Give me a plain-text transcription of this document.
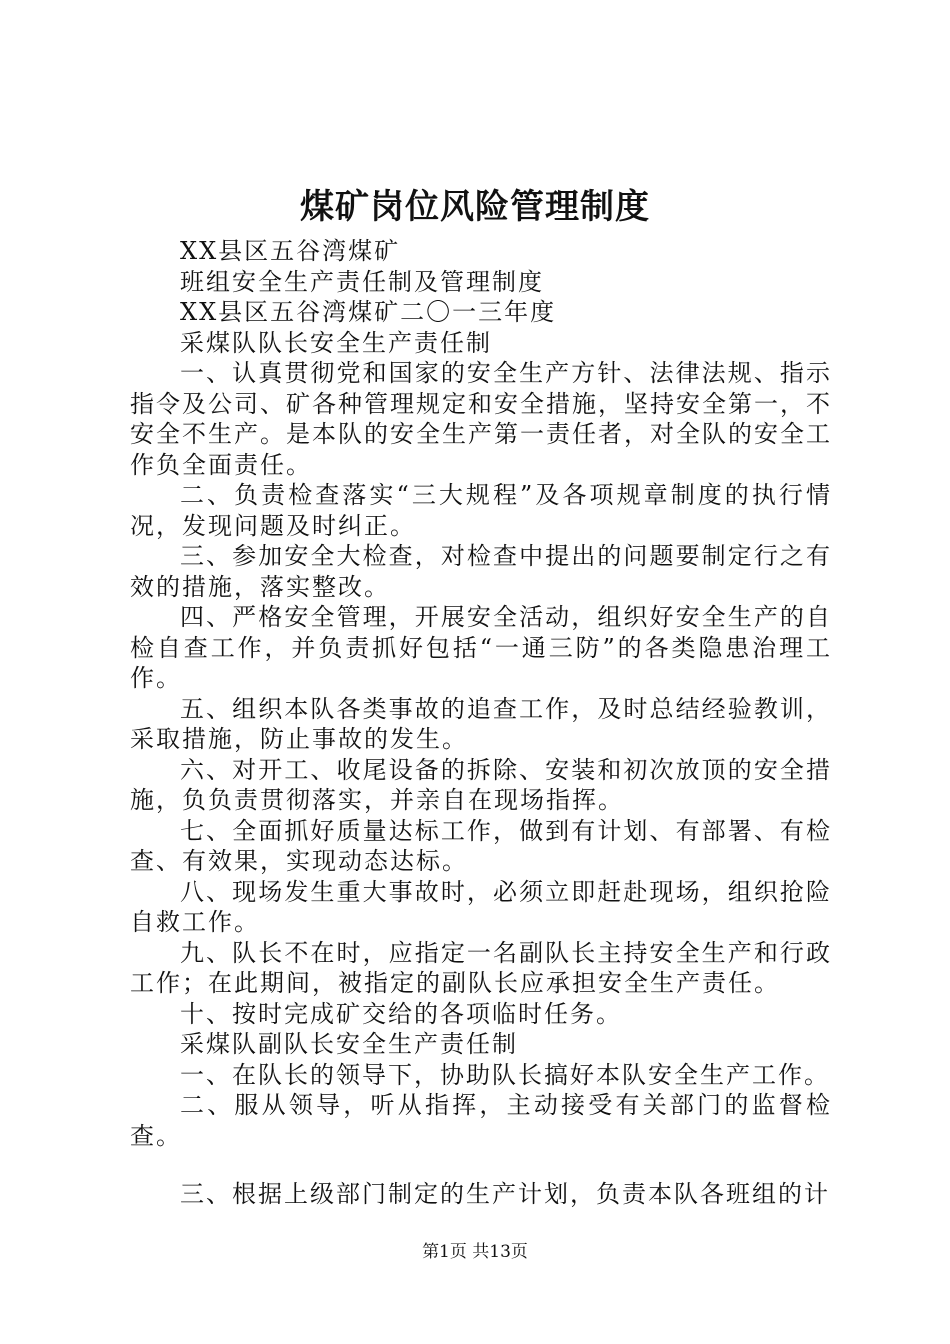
煤矿岗位风险管理制度

XX县区五谷湾煤矿

班组安全生产责任制及管理制度

XX县区五谷湾煤矿二〇一三年度

采煤队队长安全生产责任制

一、认真贯彻党和国家的安全生产方针、法律法规、指示指令及公司、矿各种管理规定和安全措施，坚持安全第一，不安全不生产。是本队的安全生产第一责任者，对全队的安全工作负全面责任。

二、负责检查落实“三大规程”及各项规章制度的执行情况，发现问题及时纠正。

三、参加安全大检查，对检查中提出的问题要制定行之有效的措施，落实整改。

四、严格安全管理，开展安全活动，组织好安全生产的自检自查工作，并负责抓好包括“一通三防”的各类隐患治理工作。

五、组织本队各类事故的追查工作，及时总结经验教训，采取措施，防止事故的发生。

六、对开工、收尾设备的拆除、安装和初次放顶的安全措施，负负责贯彻落实，并亲自在现场指挥。

七、全面抓好质量达标工作，做到有计划、有部署、有检查、有效果，实现动态达标。

八、现场发生重大事故时，必须立即赶赴现场，组织抢险自救工作。

九、队长不在时，应指定一名副队长主持安全生产和行政工作；在此期间，被指定的副队长应承担安全生产责任。

十、按时完成矿交给的各项临时任务。

采煤队副队长安全生产责任制

一、在队长的领导下，协助队长搞好本队安全生产工作。

二、服从领导，听从指挥，主动接受有关部门的监督检查。

三、根据上级部门制定的生产计划，负责本队各班组的计

第1页 共13页
